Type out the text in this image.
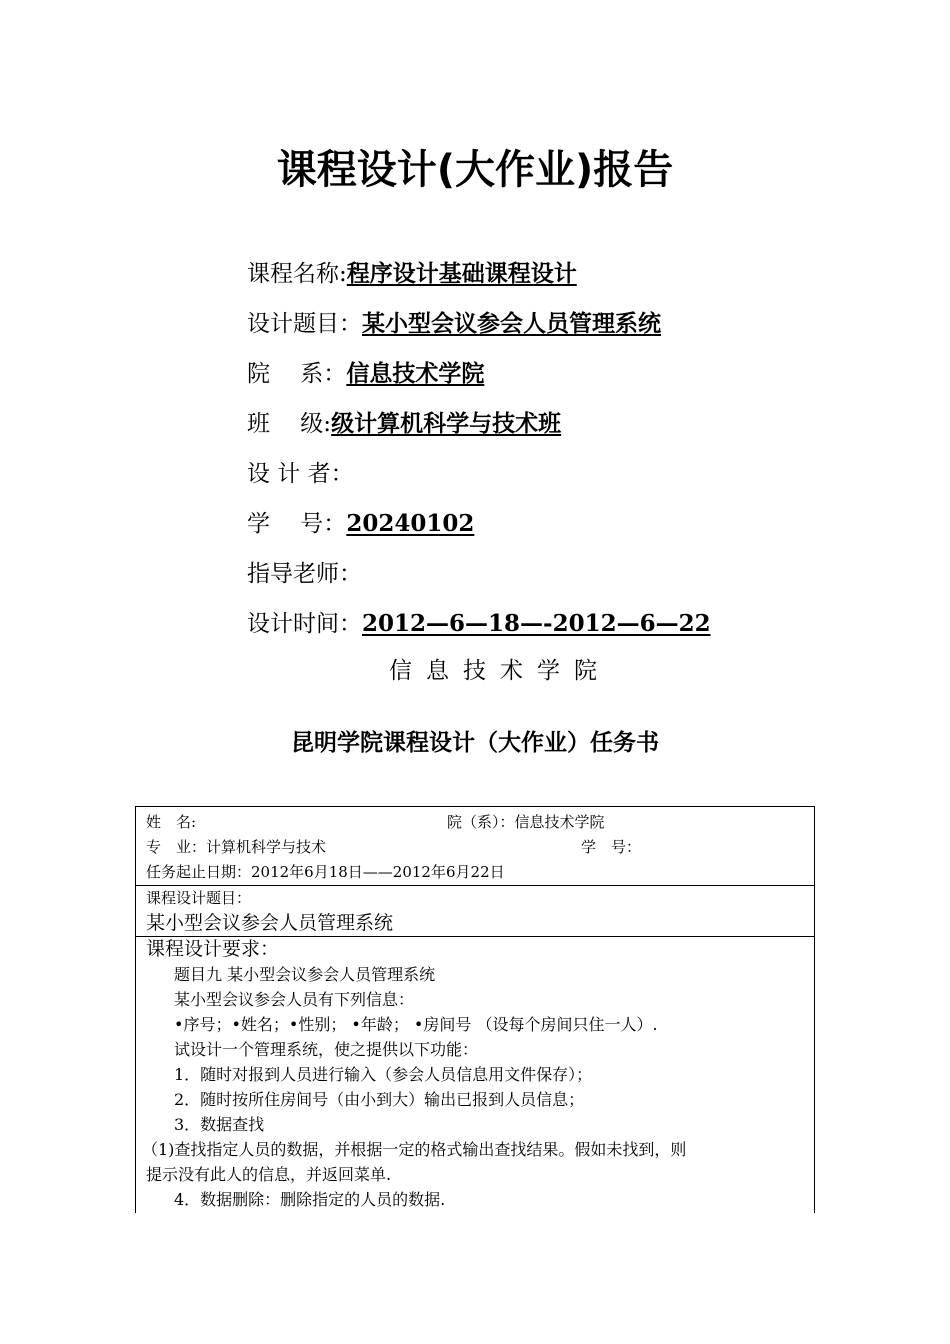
课程设计(大作业)报告
课程名称:程序设计基础课程设计
设计题目：某小型会议参会人员管理系统
院　 系：信息技术学院
班　 级:级计算机科学与技术班
设 计 者：
学　 号：20240102
指导老师：
设计时间：2012—6—18—-2012—6—22
信息技术学院
昆明学院课程设计（大作业）任务书
姓　名:	院（系）：信息技术学院
专　业：计算机科学与技术	学　号：
任务起止日期：2012年6月18日——2012年6月22日
课程设计题目：
某小型会议参会人员管理系统
课程设计要求：
题目九 某小型会议参会人员管理系统
某小型会议参会人员有下列信息：
•序号；•姓名；•性别； •年龄； •房间号 （设每个房间只住一人）.
试设计一个管理系统，使之提供以下功能：
1．随时对报到人员进行输入（参会人员信息用文件保存）；
2．随时按所住房间号（由小到大）输出已报到人员信息；
3．数据查找
（1)查找指定人员的数据，并根据一定的格式输出查找结果。假如未找到，则
提示没有此人的信息，并返回菜单.
4．数据删除：删除指定的人员的数据.
